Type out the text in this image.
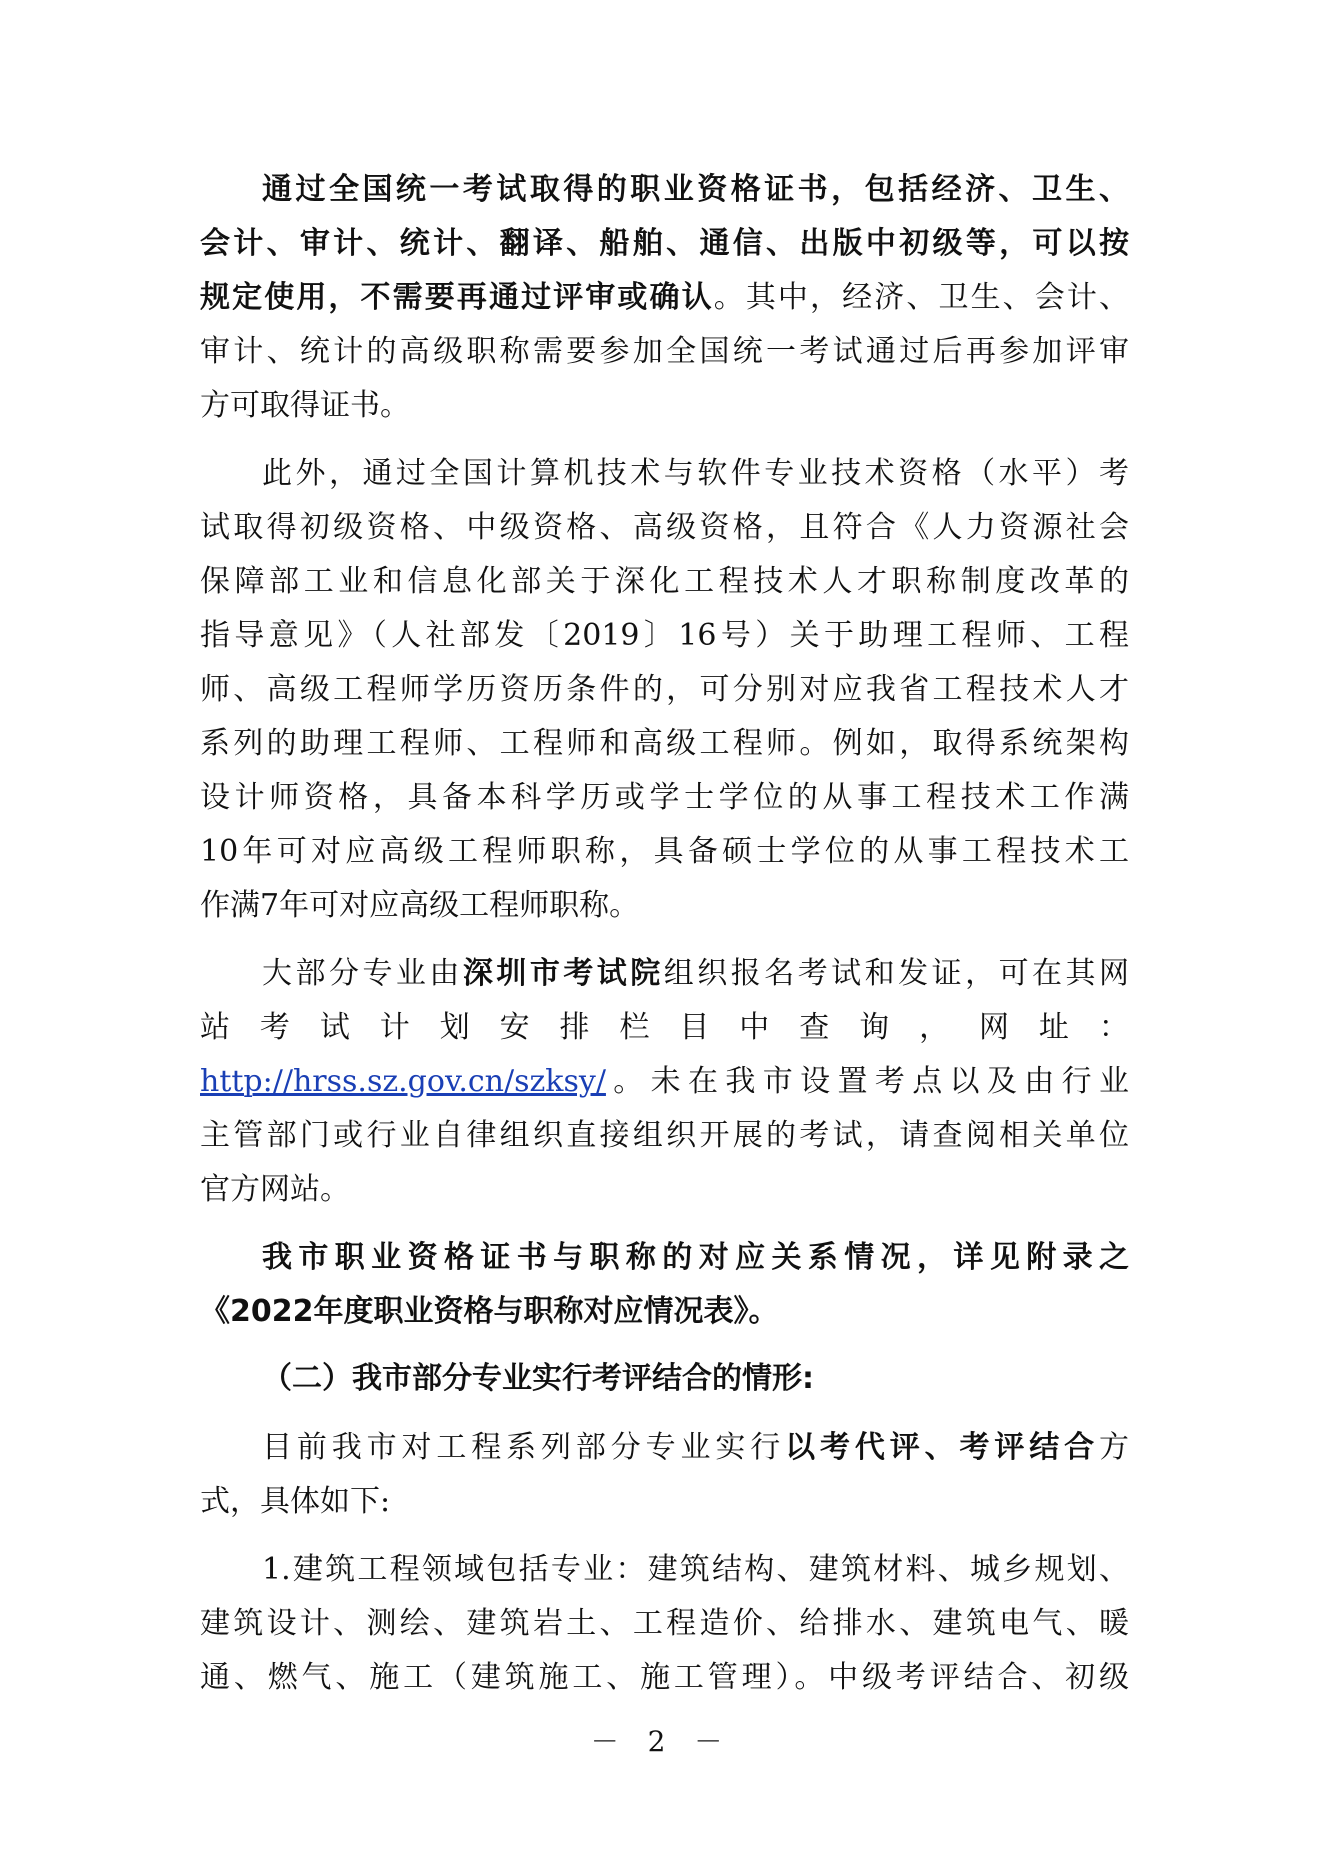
通过全国统一考试取得的职业资格证书，包括经济、卫生、
会计、审计、统计、翻译、船舶、通信、出版中初级等，可以按
规定使用，不需要再通过评审或确认。其中，经济、卫生、会计、
审计、统计的高级职称需要参加全国统一考试通过后再参加评审
方可取得证书。
此外，通过全国计算机技术与软件专业技术资格（水平）考
试取得初级资格、中级资格、高级资格，且符合《人力资源社会
保障部工业和信息化部关于深化工程技术人才职称制度改革的
指导意见》（人社部发〔2019〕16号）关于助理工程师、工程
师、高级工程师学历资历条件的，可分别对应我省工程技术人才
系列的助理工程师、工程师和高级工程师。例如，取得系统架构
设计师资格，具备本科学历或学士学位的从事工程技术工作满
10年可对应高级工程师职称，具备硕士学位的从事工程技术工
作满7年可对应高级工程师职称。
大部分专业由深圳市考试院组织报名考试和发证，可在其网
站 考 试 计 划 安 排 栏 目 中 查 询 ， 网 址 ：
http://hrss.sz.gov.cn/szksy/。未在我市设置考点以及由行业
主管部门或行业自律组织直接组织开展的考试，请查阅相关单位
官方网站。
我市职业资格证书与职称的对应关系情况，详见附录之
《2022年度职业资格与职称对应情况表》。
（二）我市部分专业实行考评结合的情形:
目前我市对工程系列部分专业实行以考代评、考评结合方
式，具体如下:
1.建筑工程领域包括专业：建筑结构、建筑材料、城乡规划、
建筑设计、测绘、建筑岩土、工程造价、给排水、建筑电气、暖
通、燃气、施工（建筑施工、施工管理）。中级考评结合、初级
－ 2 －
